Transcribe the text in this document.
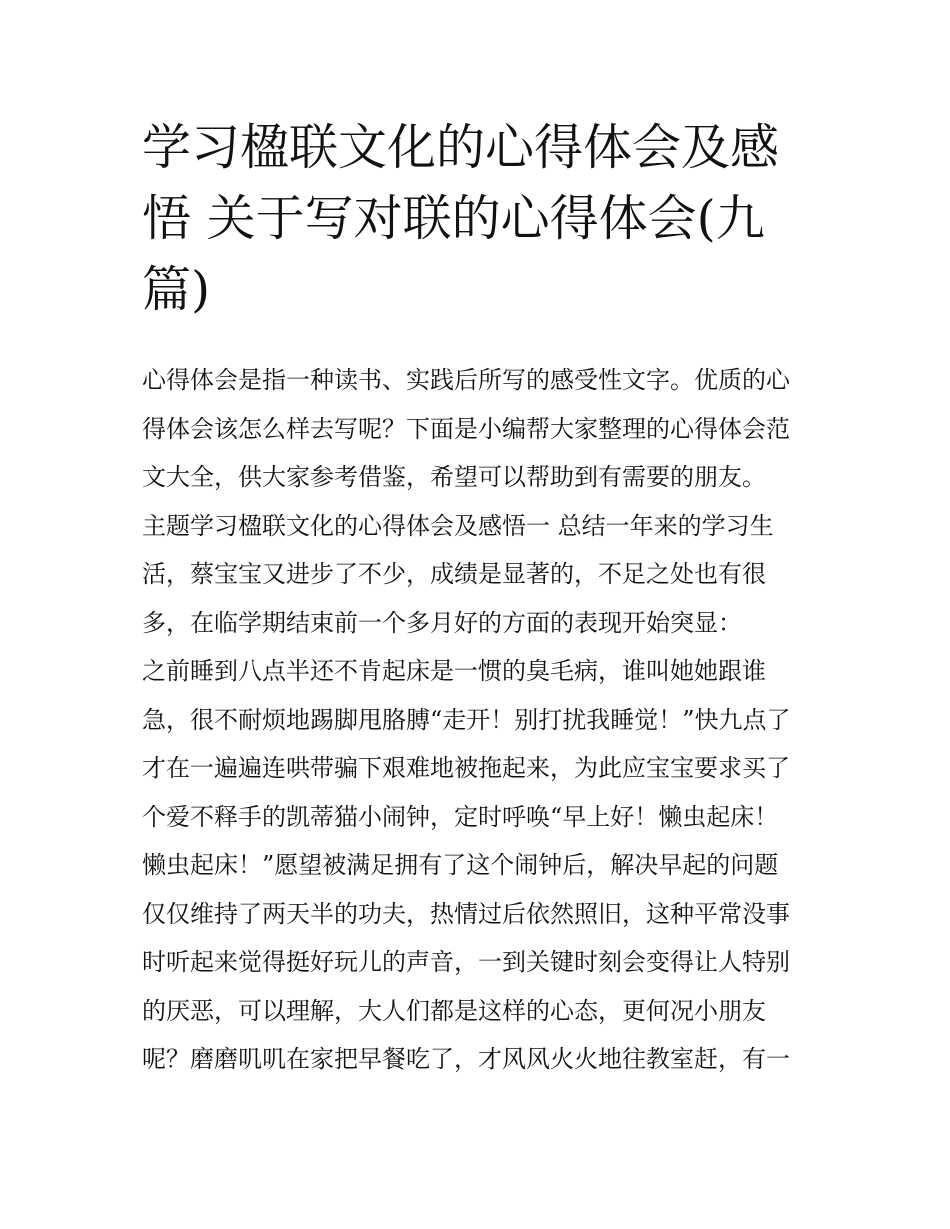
学习楹联文化的心得体会及感
悟 关于写对联的心得体会(九
篇)
心得体会是指一种读书、实践后所写的感受性文字。优质的心
得体会该怎么样去写呢？下面是小编帮大家整理的心得体会范
文大全，供大家参考借鉴，希望可以帮助到有需要的朋友。
主题学习楹联文化的心得体会及感悟一 总结一年来的学习生
活，蔡宝宝又进步了不少，成绩是显著的，不足之处也有很
多，在临学期结束前一个多月好的方面的表现开始突显：
之前睡到八点半还不肯起床是一惯的臭毛病，谁叫她她跟谁
急，很不耐烦地踢脚甩胳膊“走开！别打扰我睡觉！”快九点了
才在一遍遍连哄带骗下艰难地被拖起来，为此应宝宝要求买了
个爱不释手的凯蒂猫小闹钟，定时呼唤“早上好！懒虫起床！
懒虫起床！”愿望被满足拥有了这个闹钟后，解决早起的问题
仅仅维持了两天半的功夫，热情过后依然照旧，这种平常没事
时听起来觉得挺好玩儿的声音，一到关键时刻会变得让人特别
的厌恶，可以理解，大人们都是这样的心态，更何况小朋友
呢？磨磨叽叽在家把早餐吃了，才风风火火地往教室赶，有一
